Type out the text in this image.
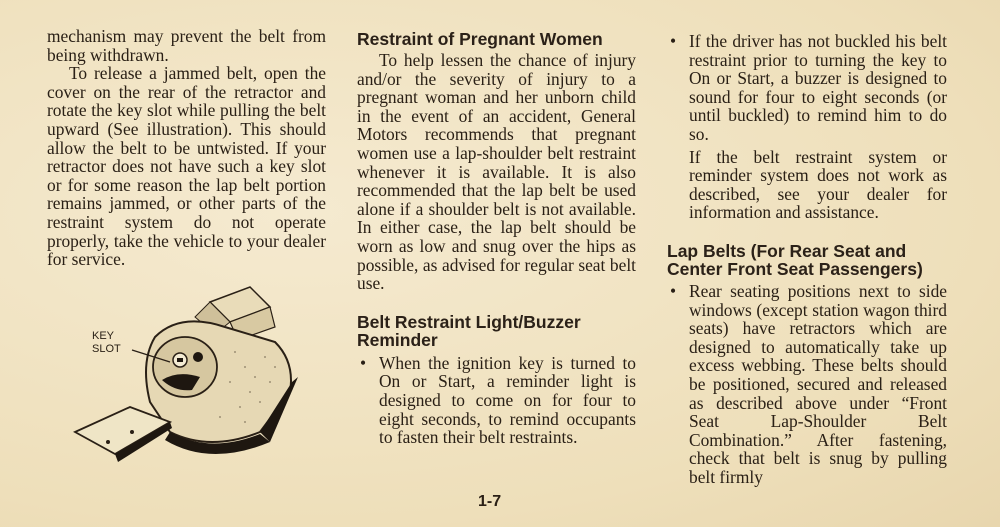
mechanism may prevent the belt from being withdrawn.

To release a jammed belt, open the cover on the rear of the retractor and rotate the key slot while pulling the belt upward (See illustration). This should allow the belt to be untwisted. If your retractor does not have such a key slot or for some reason the lap belt portion remains jammed, or other parts of the restraint system do not operate properly, take the vehicle to your dealer for service.

KEY
SLOT
Restraint of Pregnant Women

To help lessen the chance of injury and/or the severity of injury to a pregnant woman and her unborn child in the event of an accident, General Motors recommends that pregnant women use a lap-shoulder belt restraint whenever it is available. It is also recommended that the lap belt be used alone if a shoulder belt is not available. In either case, the lap belt should be worn as low and snug over the hips as possible, as advised for regular seat belt use.

Belt Restraint Light/Buzzer Reminder
• When the ignition key is turned to On or Start, a reminder light is designed to come on for four to eight seconds, to remind occupants to fasten their belt restraints.
• If the driver has not buckled his belt restraint prior to turning the key to On or Start, a buzzer is designed to sound for four to eight seconds (or until buckled) to remind him to do so.

If the belt restraint system or reminder system does not work as described, see your dealer for information and assistance.

Lap Belts (For Rear Seat and Center Front Seat Passengers)
• Rear seating positions next to side windows (except station wagon third seats) have retractors which are designed to automatically take up excess webbing. These belts should be positioned, secured and released as described above under “Front Seat Lap-Shoulder Belt Combination.” After fastening, check that belt is snug by pulling belt firmly
1-7
